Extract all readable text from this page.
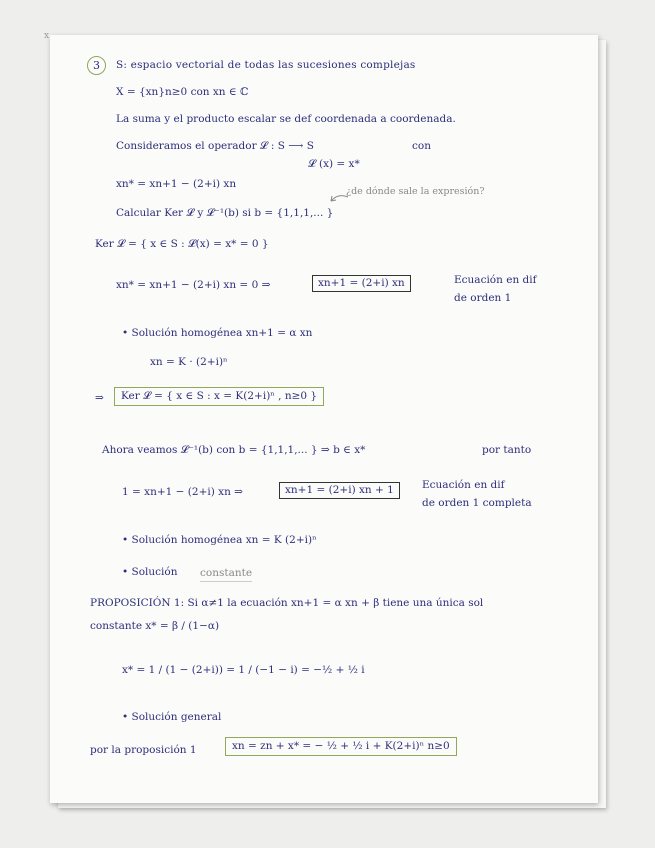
x
3	S: espacio vectorial de todas las sucesiones complejas
X = {xn}n≥0 con xn ∈ ℂ
La suma y el producto escalar se def coordenada a coordenada.
Consideramos el operador 𝓛 : S ⟶ S	con
𝓛 (x) = x*
xn* = xn+1 − (2+i) xn
¿de dónde sale la expresión?
Calcular Ker 𝓛 y 𝓛⁻¹(b) si b = {1,1,1,... }
Ker 𝓛 = { x ∈ S : 𝓛(x) = x* = 0 }
xn* = xn+1 − (2+i) xn = 0 ⇒	xn+1 = (2+i) xn	Ecuación en dif
de orden 1
• Solución homogénea xn+1 = α xn
xn = K · (2+i)ⁿ
⇒	Ker 𝓛 = { x ∈ S : x = K(2+i)ⁿ , n≥0 }
Ahora veamos 𝓛⁻¹(b) con b = {1,1,1,... } ⇒ b ∈ x*	por tanto
1 = xn+1 − (2+i) xn ⇒	xn+1 = (2+i) xn + 1	Ecuación en dif
de orden 1 completa
• Solución homogénea xn = K (2+i)ⁿ
• Solución constante
PROPOSICIÓN 1: Si α≠1 la ecuación xn+1 = α xn + β tiene una única sol
constante x* = β / (1−α)
x* = 1 / (1 − (2+i)) = 1 / (−1 − i) = −½ + ½ i
• Solución general
por la proposición 1	xn = zn + x* = − ½ + ½ i + K(2+i)ⁿ n≥0
